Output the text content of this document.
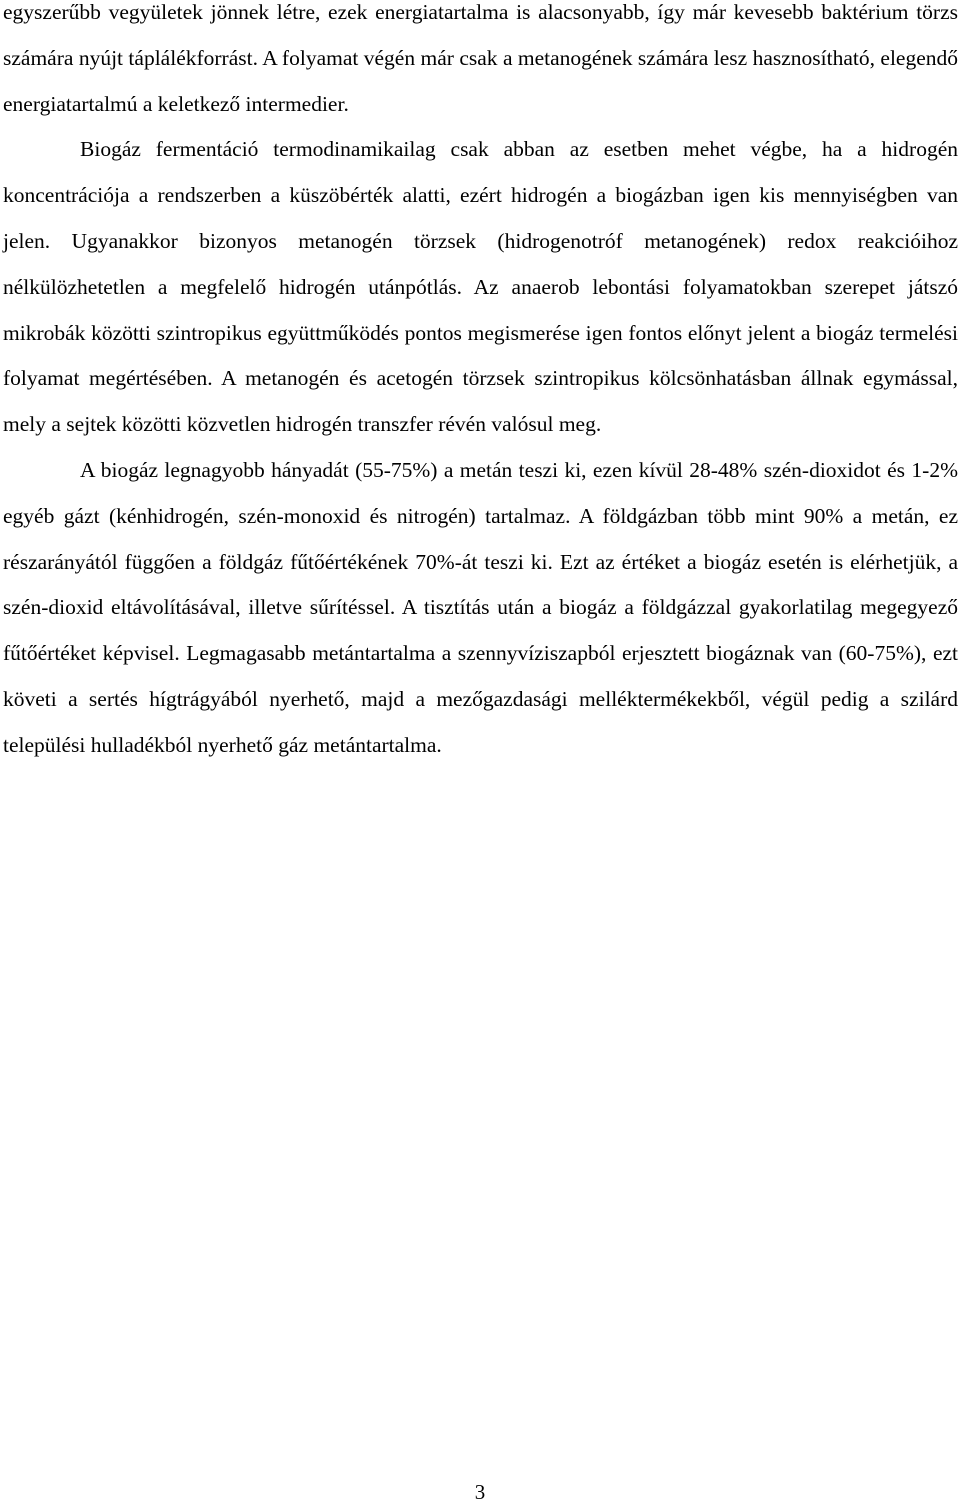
egyszerűbb vegyületek jönnek létre, ezek energiatartalma is alacsonyabb, így már kevesebb baktérium törzs számára nyújt táplálékforrást. A folyamat végén már csak a metanogének számára lesz hasznosítható, elegendő energiatartalmú a keletkező intermedier.

Biogáz fermentáció termodinamikailag csak abban az esetben mehet végbe, ha a hidrogén koncentrációja a rendszerben a küszöbérték alatti, ezért hidrogén a biogázban igen kis mennyiségben van jelen. Ugyanakkor bizonyos metanogén törzsek (hidrogenotróf metanogének) redox reakcióihoz nélkülözhetetlen a megfelelő hidrogén utánpótlás. Az anaerob lebontási folyamatokban szerepet játszó mikrobák közötti szintropikus együttműködés pontos megismerése igen fontos előnyt jelent a biogáz termelési folyamat megértésében. A metanogén és acetogén törzsek szintropikus kölcsönhatásban állnak egymással, mely a sejtek közötti közvetlen hidrogén transzfer révén valósul meg.

A biogáz legnagyobb hányadát (55-75%) a metán teszi ki, ezen kívül 28-48% szén-dioxidot és 1-2% egyéb gázt (kénhidrogén, szén-monoxid és nitrogén) tartalmaz. A földgázban több mint 90% a metán, ez részarányától függően a földgáz fűtőértékének 70%-át teszi ki. Ezt az értéket a biogáz esetén is elérhetjük, a szén-dioxid eltávolításával, illetve sűrítéssel. A tisztítás után a biogáz a földgázzal gyakorlatilag megegyező fűtőértéket képvisel. Legmagasabb metántartalma a szennyvíziszapból erjesztett biogáznak van (60-75%), ezt követi a sertés hígtrágyából nyerhető, majd a mezőgazdasági melléktermékekből, végül pedig a szilárd települési hulladékból nyerhető gáz metántartalma.

3
